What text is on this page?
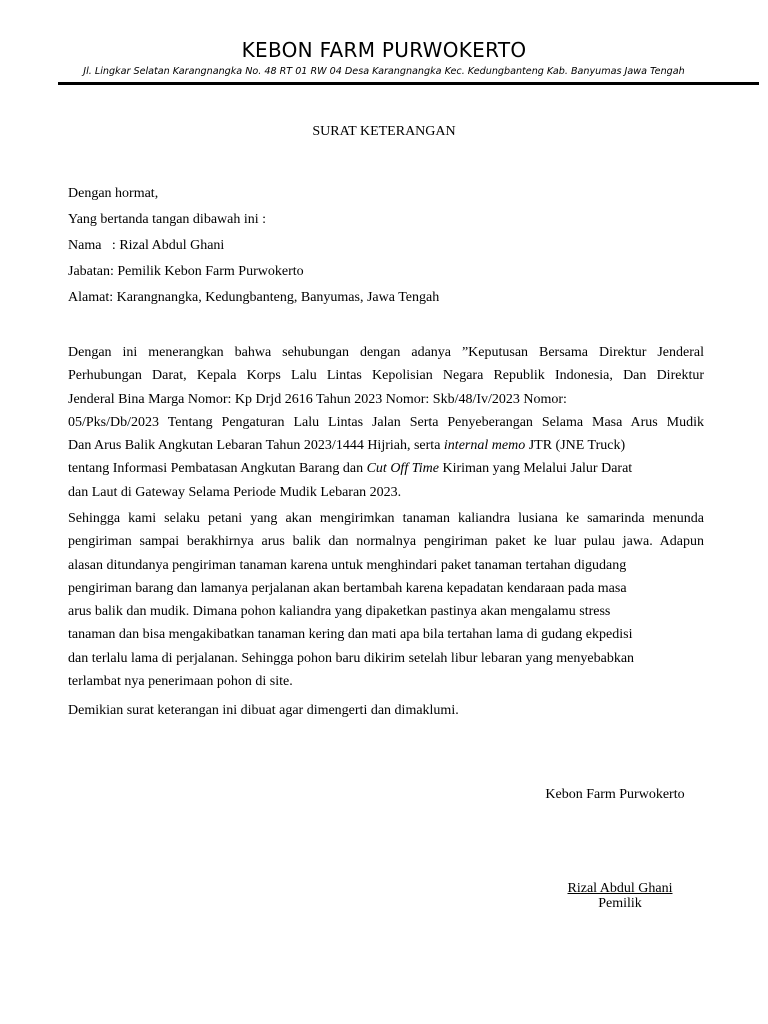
KEBON FARM PURWOKERTO
Jl. Lingkar Selatan Karangnangka No. 48 RT 01 RW 04 Desa Karangnangka Kec. Kedungbanteng Kab. Banyumas Jawa Tengah
SURAT KETERANGAN
Dengan hormat,
Yang bertanda tangan dibawah ini :
Nama   : Rizal Abdul Ghani
Jabatan: Pemilik Kebon Farm Purwokerto
Alamat: Karangnangka, Kedungbanteng, Banyumas, Jawa Tengah
Dengan ini menerangkan bahwa sehubungan dengan adanya ”Keputusan Bersama Direktur Jenderal
Perhubungan Darat, Kepala Korps Lalu Lintas Kepolisian Negara Republik Indonesia, Dan Direktur
Jenderal Bina Marga Nomor: Kp Drjd 2616 Tahun 2023 Nomor: Skb/48/Iv/2023 Nomor:
05/Pks/Db/2023 Tentang Pengaturan Lalu Lintas Jalan Serta Penyeberangan Selama Masa Arus Mudik
Dan Arus Balik Angkutan Lebaran Tahun 2023/1444 Hijriah, serta internal memo JTR (JNE Truck)
tentang Informasi Pembatasan Angkutan Barang dan Cut Off Time Kiriman yang Melalui Jalur Darat
dan Laut di Gateway Selama Periode Mudik Lebaran 2023.
Sehingga kami selaku petani yang akan mengirimkan tanaman kaliandra lusiana ke samarinda menunda
pengiriman sampai berakhirnya arus balik dan normalnya pengiriman paket ke luar pulau jawa. Adapun
alasan ditundanya pengiriman tanaman karena untuk menghindari paket tanaman tertahan digudang
pengiriman barang dan lamanya perjalanan akan bertambah karena kepadatan kendaraan pada masa
arus balik dan mudik. Dimana pohon kaliandra yang dipaketkan pastinya akan mengalamu stress
tanaman dan bisa mengakibatkan tanaman kering dan mati apa bila tertahan lama di gudang ekpedisi
dan terlalu lama di perjalanan. Sehingga pohon baru dikirim setelah libur lebaran yang menyebabkan
terlambat nya penerimaan pohon di site.
Demikian surat keterangan ini dibuat agar dimengerti dan dimaklumi.
Kebon Farm Purwokerto
Rizal Abdul Ghani
Pemilik
